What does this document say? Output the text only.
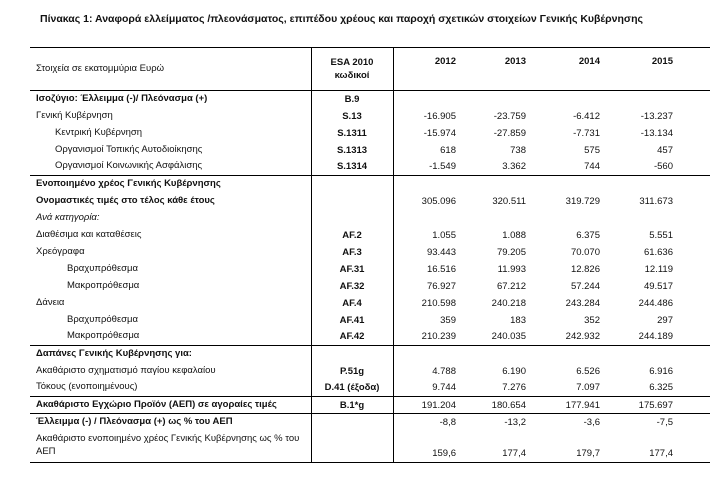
Πίνακας 1: Αναφορά ελλείμματος /πλεονάσματος, επιπέδου χρέους και παροχή σχετικών στοιχείων Γενικής Κυβέρνησης
Στοιχεία σε εκατομμύρια Ευρώ	ESA 2010
κωδικοί	2012	2013	2014	2015	
Ισοζύγιο: Έλλειμμα (-)/ Πλεόνασμα (+)	B.9					
Γενική Κυβέρνηση	S.13	-16.905	-23.759	-6.412	-13.237	
Κεντρική Κυβέρνηση	S.1311	-15.974	-27.859	-7.731	-13.134	
Οργανισμοί Τοπικής Αυτοδιοίκησης	S.1313	618	738	575	457	
Οργανισμοί Κοινωνικής Ασφάλισης	S.1314	-1.549	3.362	744	-560	
Ενοποιημένο χρέος Γενικής Κυβέρνησης						
Ονομαστικές τιμές στο τέλος κάθε έτους		305.096	320.511	319.729	311.673	
Ανά κατηγορία:						
Διαθέσιμα και καταθέσεις	AF.2	1.055	1.088	6.375	5.551	
Χρεόγραφα	AF.3	93.443	79.205	70.070	61.636	
Βραχυπρόθεσμα	AF.31	16.516	11.993	12.826	12.119	
Μακροπρόθεσμα	AF.32	76.927	67.212	57.244	49.517	
Δάνεια	AF.4	210.598	240.218	243.284	244.486	
Βραχυπρόθεσμα	AF.41	359	183	352	297	
Μακροπρόθεσμα	AF.42	210.239	240.035	242.932	244.189	
Δαπάνες Γενικής Κυβέρνησης για:						
Ακαθάριστο σχηματισμό παγίου κεφαλαίου	P.51g	4.788	6.190	6.526	6.916	
Τόκους (ενοποιημένους)	D.41 (έξοδα)	9.744	7.276	7.097	6.325	
Ακαθάριστο Εγχώριο Προϊόν (ΑΕΠ) σε αγοραίες τιμές	B.1*g	191.204	180.654	177.941	175.697	
Έλλειμμα (-) / Πλεόνασμα (+) ως % του ΑΕΠ		-8,8	-13,2	-3,6	-7,5	
Ακαθάριστο ενοποιημένο χρέος Γενικής Κυβέρνησης ως % του ΑΕΠ		159,6	177,4	179,7	177,4	
